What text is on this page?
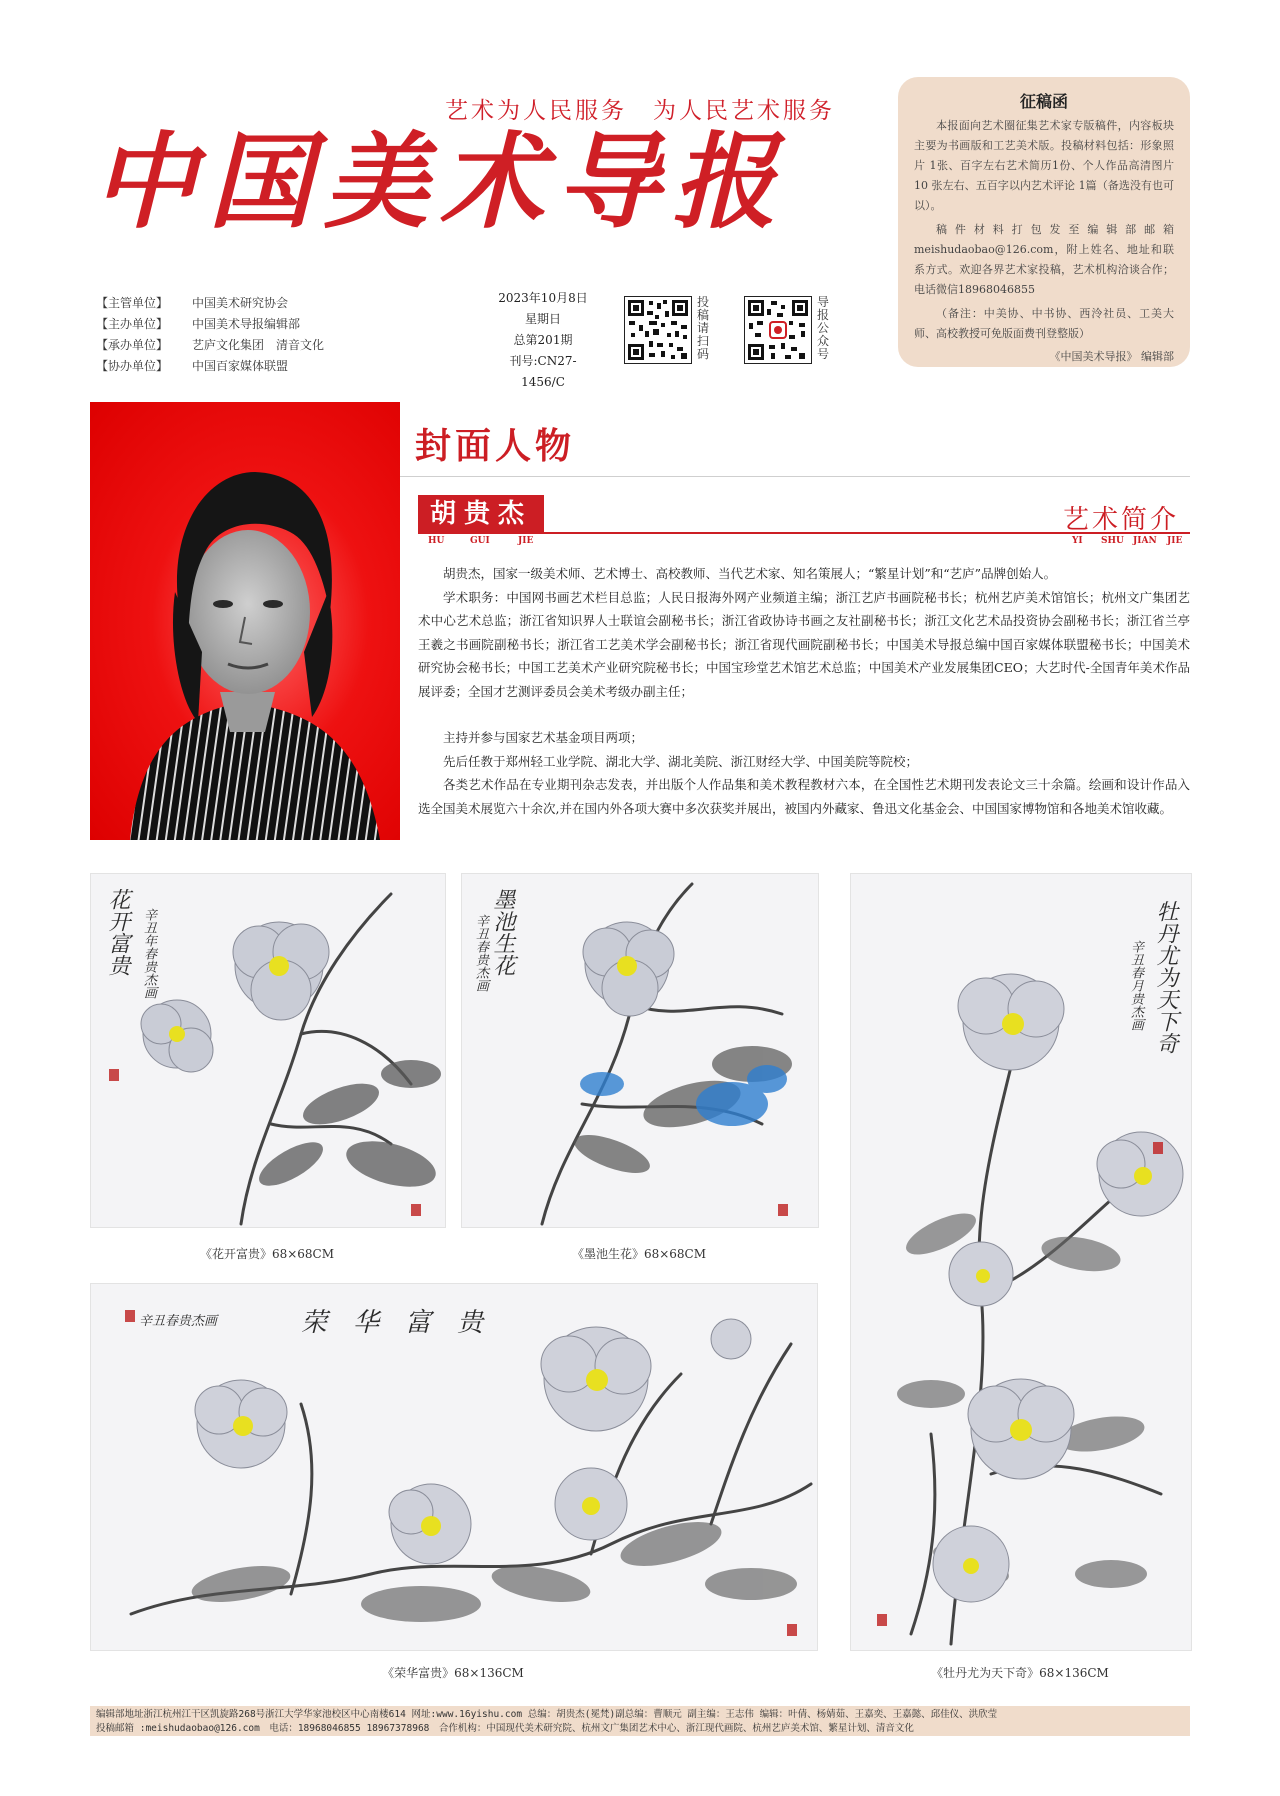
艺术为人民服务　为人民艺术服务
中国美术导报
【主管单位】	中国美术研究协会
【主办单位】	中国美术导报编辑部
【承办单位】	艺庐文化集团　清音文化
【协办单位】	中国百家媒体联盟
2023年10月8日
星期日
总第201期
刊号:CN27-1456/C
投稿请扫码
导报公众号
征稿函
本报面向艺术圈征集艺术家专版稿件，内容板块主要为书画版和工艺美术版。投稿材料包括：形象照片 1张、百字左右艺术简历1份、个人作品高清图片 10 张左右、五百字以内艺术评论 1篇（备选没有也可以）。
稿件材料打包发至编辑部邮箱 meishudaobao@126.com，附上姓名、地址和联系方式。欢迎各界艺术家投稿，艺术机构洽谈合作；电话微信18968046855
（备注：中美协、中书协、西泠社员、工美大师、高校教授可免版面费刊登整版）
《中国美术导报》 编辑部
封面人物
胡贵杰
HU	GUI	JIE	YI SHU JIAN JIE
艺术简介

胡贵杰，国家一级美术师、艺术博士、高校教师、当代艺术家、知名策展人；“繁星计划”和“艺庐”品牌创始人。

学术职务：中国网书画艺术栏目总监；人民日报海外网产业频道主编；浙江艺庐书画院秘书长；杭州艺庐美术馆馆长；杭州文广集团艺术中心艺术总监；浙江省知识界人士联谊会副秘书长；浙江省政协诗书画之友社副秘书长；浙江文化艺术品投资协会副秘书长；浙江省兰亭王羲之书画院副秘书长；浙江省工艺美术学会副秘书长；浙江省现代画院副秘书长；中国美术导报总编中国百家媒体联盟秘书长；中国美术研究协会秘书长；中国工艺美术产业研究院秘书长；中国宝珍堂艺术馆艺术总监；中国美术产业发展集团CEO；大艺时代-全国青年美术作品展评委；全国才艺测评委员会美术考级办副主任；

主持并参与国家艺术基金项目两项；

先后任教于郑州轻工业学院、湖北大学、湖北美院、浙江财经大学、中国美院等院校；

各类艺术作品在专业期刊杂志发表，并出版个人作品集和美术教程教材六本，在全国性艺术期刊发表论文三十余篇。绘画和设计作品入选全国美术展览六十余次,并在国内外各项大赛中多次获奖并展出，被国内外藏家、鲁迅文化基金会、中国国家博物馆和各地美术馆收藏。

花开富贵 辛丑年春贵杰画
《花开富贵》68×68CM
墨池生花
辛丑春贵杰画
《墨池生花》68×68CM
牡丹尤为天下奇
辛丑春月贵杰画
《牡丹尤为天下奇》68×136CM
荣华富贵
辛丑春贵杰画
《荣华富贵》68×136CM
编辑部地址浙江杭州江干区凯旋路268号浙江大学华家池校区中心南楼614 网址:www.16yishu.com 总编：胡贵杰(冕梵)副总编：曹顺元 副主编：王志伟 编辑：叶倩、杨婧茹、王嘉奕、王嘉懿、邱佳仪、洪欣莹
投稿邮箱 :meishudaobao@126.com　电话：18968046855 18967378968　合作机构：中国现代美术研究院、杭州文广集团艺术中心、浙江现代画院、杭州艺庐美术馆、繁星计划、清音文化
